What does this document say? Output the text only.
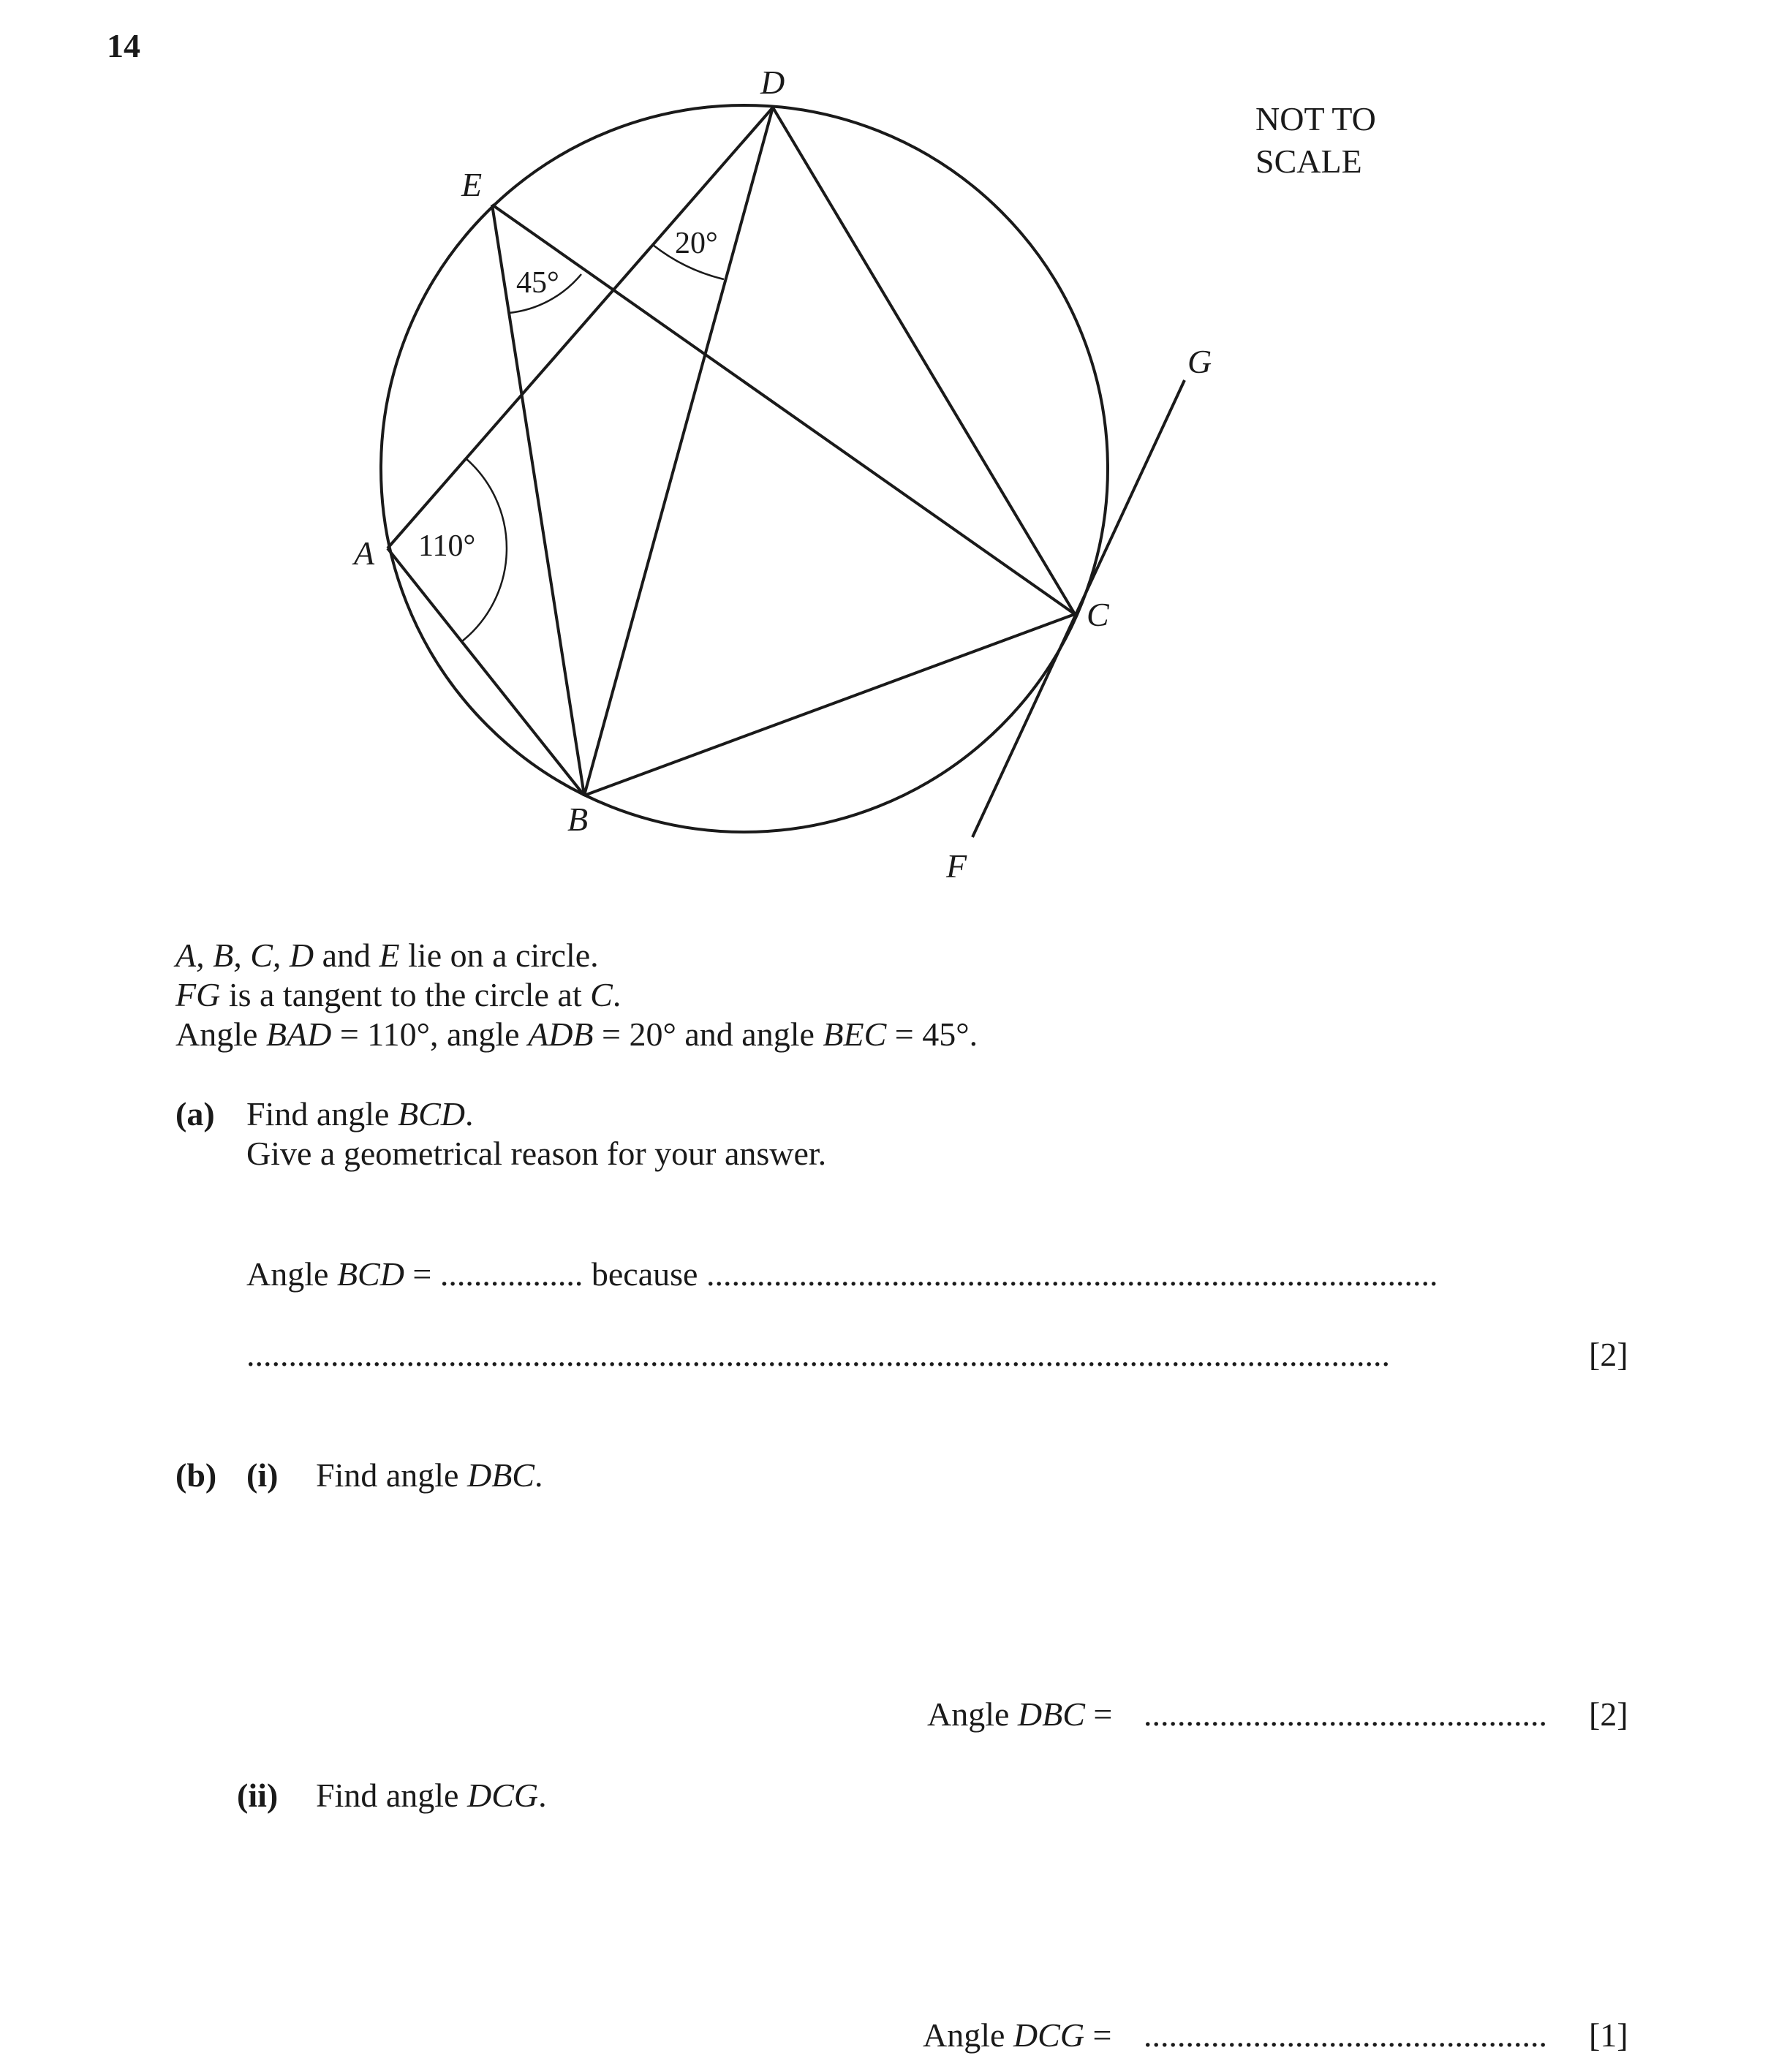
14
A
B
C
D
E
F
G
110°
45°
20°
NOT TO
SCALE
A, B, C, D and E lie on a circle.
FG is a tangent to the circle at C.
Angle BAD = 110°, angle ADB = 20° and angle BEC = 45°.
(a) Find angle BCD.
Give a geometrical reason for your answer.
Angle BCD = ................. because .......................................................................................
........................................................................................................................................	[2]
(b) (i) Find angle DBC.
Angle DBC = ................................................ [2]
(ii) Find angle DCG.
Angle DCG = ................................................ [1]
